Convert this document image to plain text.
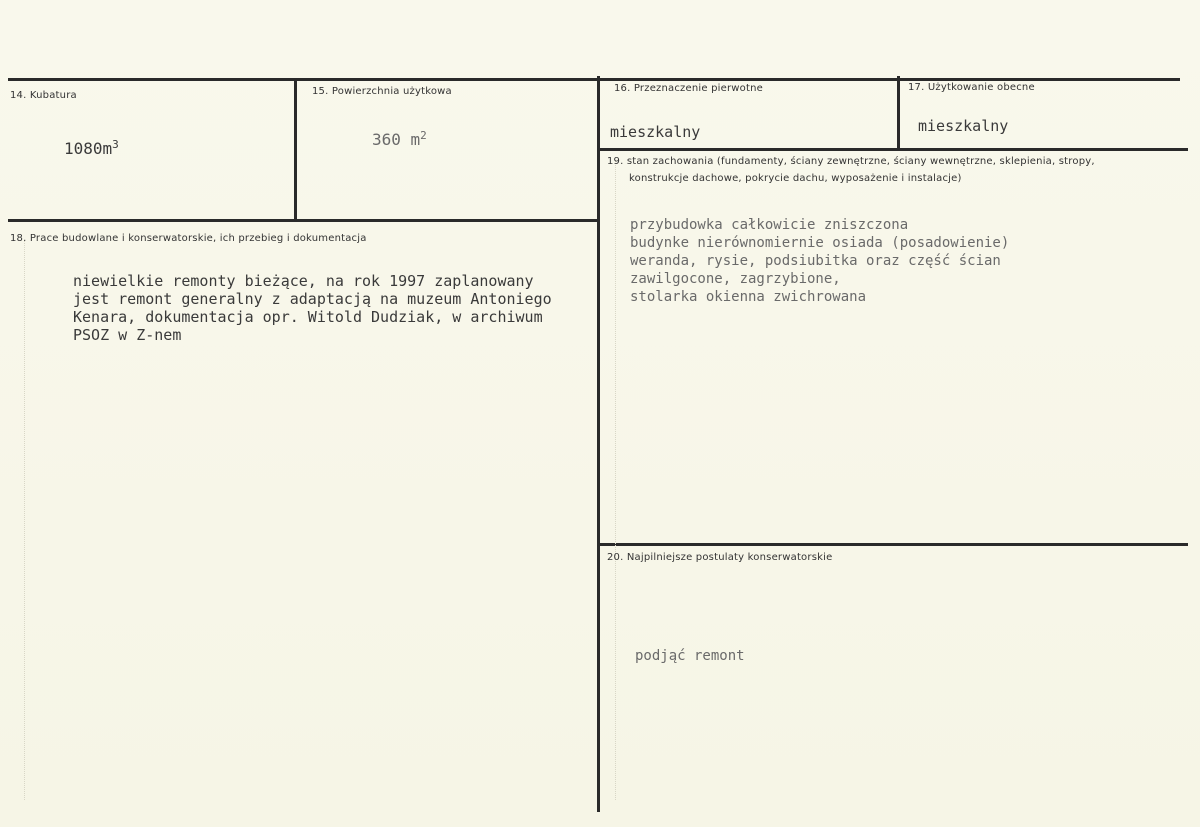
14. Kubatura
$1080m^3$
15. Powierzchnia użytkowa
360 $m^2$
16. Przeznaczenie pierwotne
mieszkalny
17. Użytkowanie obecne
mieszkalny
18. Prace budowlane i konserwatorskie, ich przebieg i dokumentacja
niewielkie remonty bieżące, na rok 1997 zaplanowany
jest remont generalny z adaptacją na muzeum Antoniego
Kenara, dokumentacja opr. Witold Dudziak, w archiwum
PSOZ w Z-nem
19. stan zachowania (fundamenty, ściany zewnętrzne, ściany wewnętrzne, sklepienia, stropy,
konstrukcje dachowe, pokrycie dachu, wyposażenie i instalacje)
przybudowka całkowicie zniszczona
budynke nierównomiernie osiada (posadowienie)
weranda, rysie, podsiubitka oraz część ścian
zawilgocone, zagrzybione,
stolarka okienna zwichrowana
20. Najpilniejsze postulaty konserwatorskie
podjąć remont
